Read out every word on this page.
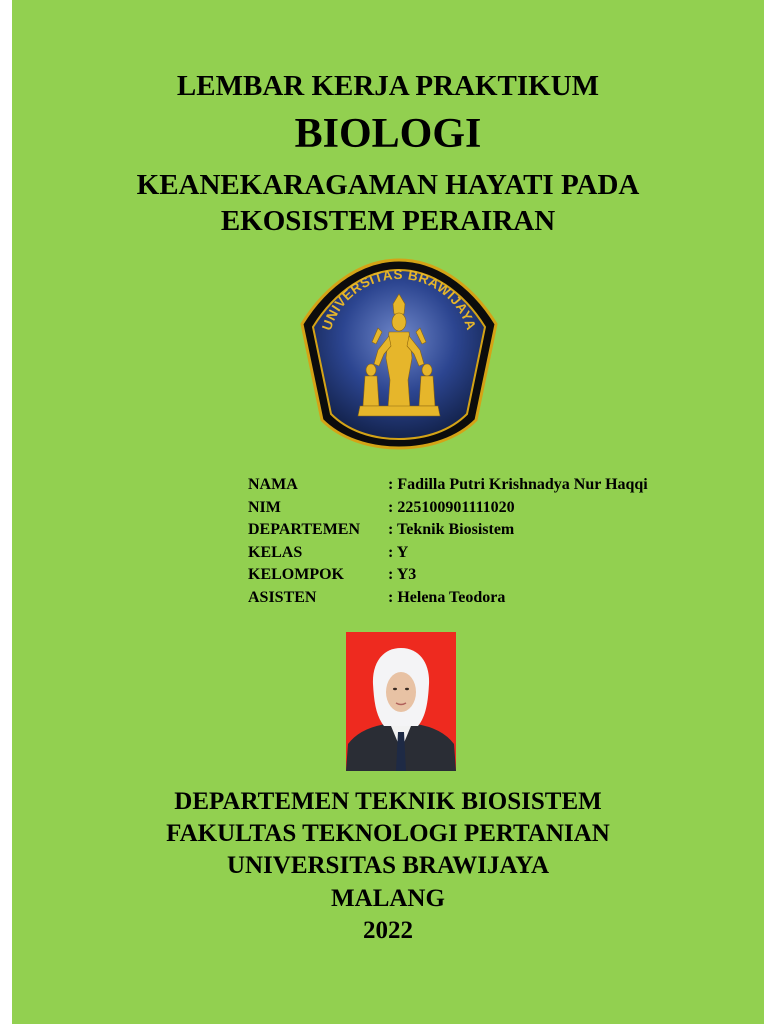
LEMBAR KERJA PRAKTIKUM

BIOLOGI

KEANEKARAGAMAN HAYATI PADA

EKOSISTEM PERAIRAN

UNIVERSITAS BRAWIJAYA
NAMA	: Fadilla Putri Krishnadya Nur Haqqi
NIM	: 225100901111020
DEPARTEMEN	: Teknik Biosistem
KELAS	: Y
KELOMPOK	: Y3
ASISTEN	: Helena Teodora

DEPARTEMEN TEKNIK BIOSISTEM

FAKULTAS TEKNOLOGI PERTANIAN

UNIVERSITAS BRAWIJAYA

MALANG

2022
